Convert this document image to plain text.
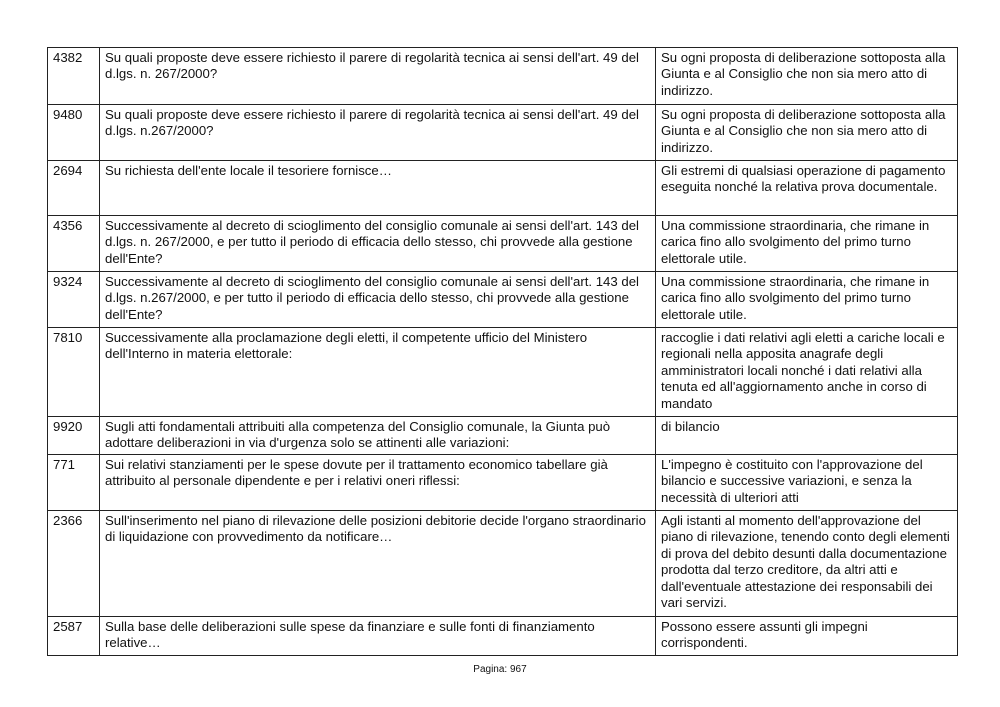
4382	Su quali proposte deve essere richiesto il parere di regolarità tecnica ai sensi dell'art. 49 del d.lgs. n. 267/2000?	Su ogni proposta di deliberazione sottoposta alla Giunta e al Consiglio che non sia mero atto di indirizzo.
9480	Su quali proposte deve essere richiesto il parere di regolarità tecnica ai sensi dell'art. 49 del d.lgs. n.267/2000?	Su ogni proposta di deliberazione sottoposta alla Giunta e al Consiglio che non sia mero atto di indirizzo.
2694	Su richiesta dell'ente locale il tesoriere fornisce…	Gli estremi di qualsiasi operazione di pagamento eseguita nonché la relativa prova documentale.
4356	Successivamente al decreto di scioglimento del consiglio comunale ai sensi dell'art. 143 del d.lgs. n. 267/2000, e per tutto il periodo di efficacia dello stesso, chi provvede alla gestione dell'Ente?	Una commissione straordinaria, che rimane in carica fino allo svolgimento del primo turno elettorale utile.
9324	Successivamente al decreto di scioglimento del consiglio comunale ai sensi dell'art. 143 del d.lgs. n.267/2000, e per tutto il periodo di efficacia dello stesso, chi provvede alla gestione dell'Ente?	Una commissione straordinaria, che rimane in carica fino allo svolgimento del primo turno elettorale utile.
7810	Successivamente alla proclamazione degli eletti, il competente ufficio del Ministero dell'Interno in materia elettorale:	raccoglie i dati relativi agli eletti a cariche locali e regionali nella apposita anagrafe degli amministratori locali nonché i dati relativi alla tenuta ed all'aggiornamento anche in corso di mandato
9920	Sugli atti fondamentali attribuiti alla competenza del Consiglio comunale, la Giunta può adottare deliberazioni in via d'urgenza solo se attinenti alle variazioni:	di bilancio
771	Sui relativi stanziamenti per le spese dovute per il trattamento economico tabellare già attribuito al personale dipendente e per i relativi oneri riflessi:	L'impegno è costituito con l'approvazione del bilancio e successive variazioni, e senza la necessità di ulteriori atti
2366	Sull'inserimento nel piano di rilevazione delle posizioni debitorie decide l'organo straordinario di liquidazione con provvedimento da notificare…	Agli istanti al momento dell'approvazione del piano di rilevazione, tenendo conto degli elementi di prova del debito desunti dalla documentazione prodotta dal terzo creditore, da altri atti e dall'eventuale attestazione dei responsabili dei vari servizi.
2587	Sulla base delle deliberazioni sulle spese da finanziare e sulle fonti di finanziamento relative…	Possono essere assunti gli impegni corrispondenti.
Pagina: 967
